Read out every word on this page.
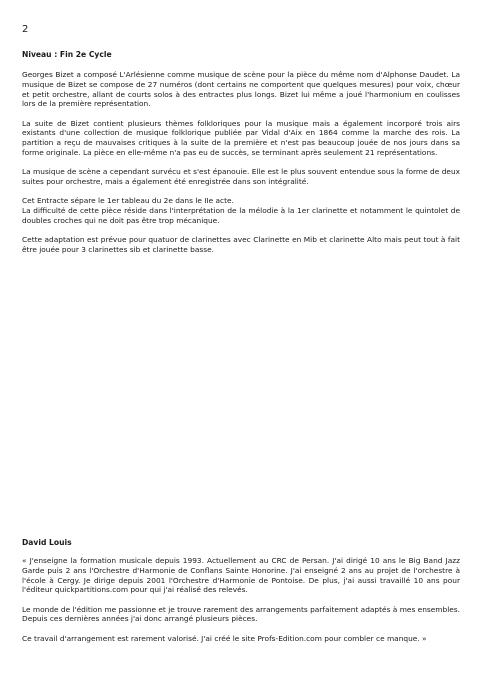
2
Niveau : Fin 2e Cycle

Georges Bizet a composé L'Arlésienne comme musique de scène pour la pièce du même nom d'Alphonse Daudet. La musique de Bizet se compose de 27 numéros (dont certains ne comportent que quelques mesures) pour voix, chœur et petit orchestre, allant de courts solos à des entractes plus longs. Bizet lui même a joué l'harmonium en coulisses lors de la première représentation.

La suite de Bizet contient plusieurs thèmes folkloriques pour la musique mais a également incorporé trois airs existants d'une collection de musique folklorique publiée par Vidal d'Aix en 1864 comme la marche des rois. La partition a reçu de mauvaises critiques à la suite de la première et n'est pas beaucoup jouée de nos jours dans sa forme originale. La pièce en elle-même n'a pas eu de succès, se terminant après seulement 21 représentations.

La musique de scène a cependant survécu et s'est épanouie. Elle est le plus souvent entendue sous la forme de deux suites pour orchestre, mais a également été enregistrée dans son intégralité.

Cet Entracte sépare le 1er tableau du 2e dans le IIe acte.
La difficulté de cette pièce réside dans l'interprétation de la mélodie à la 1er clarinette et notamment le quintolet de doubles croches qui ne doit pas être trop mécanique.

Cette adaptation est prévue pour quatuor de clarinettes avec Clarinette en Mib et clarinette Alto mais peut tout à fait être jouée pour 3 clarinettes sib et clarinette basse.

David Louis

« J'enseigne la formation musicale depuis 1993. Actuellement au CRC de Persan. J'ai dirigé 10 ans le Big Band Jazz Garde puis 2 ans l'Orchestre d'Harmonie de Conflans Sainte Honorine. J'ai enseigné 2 ans au projet de l'orchestre à l'école à Cergy. Je dirige depuis 2001 l'Orchestre d'Harmonie de Pontoise. De plus, j'ai aussi travaillé 10 ans pour l'éditeur quickpartitions.com pour qui j'ai réalisé des relevés.

Le monde de l'édition me passionne et je trouve rarement des arrangements parfaitement adaptés à mes ensembles. Depuis ces dernières années j'ai donc arrangé plusieurs pièces.

Ce travail d'arrangement est rarement valorisé. J'ai créé le site Profs-Edition.com pour combler ce manque. »
